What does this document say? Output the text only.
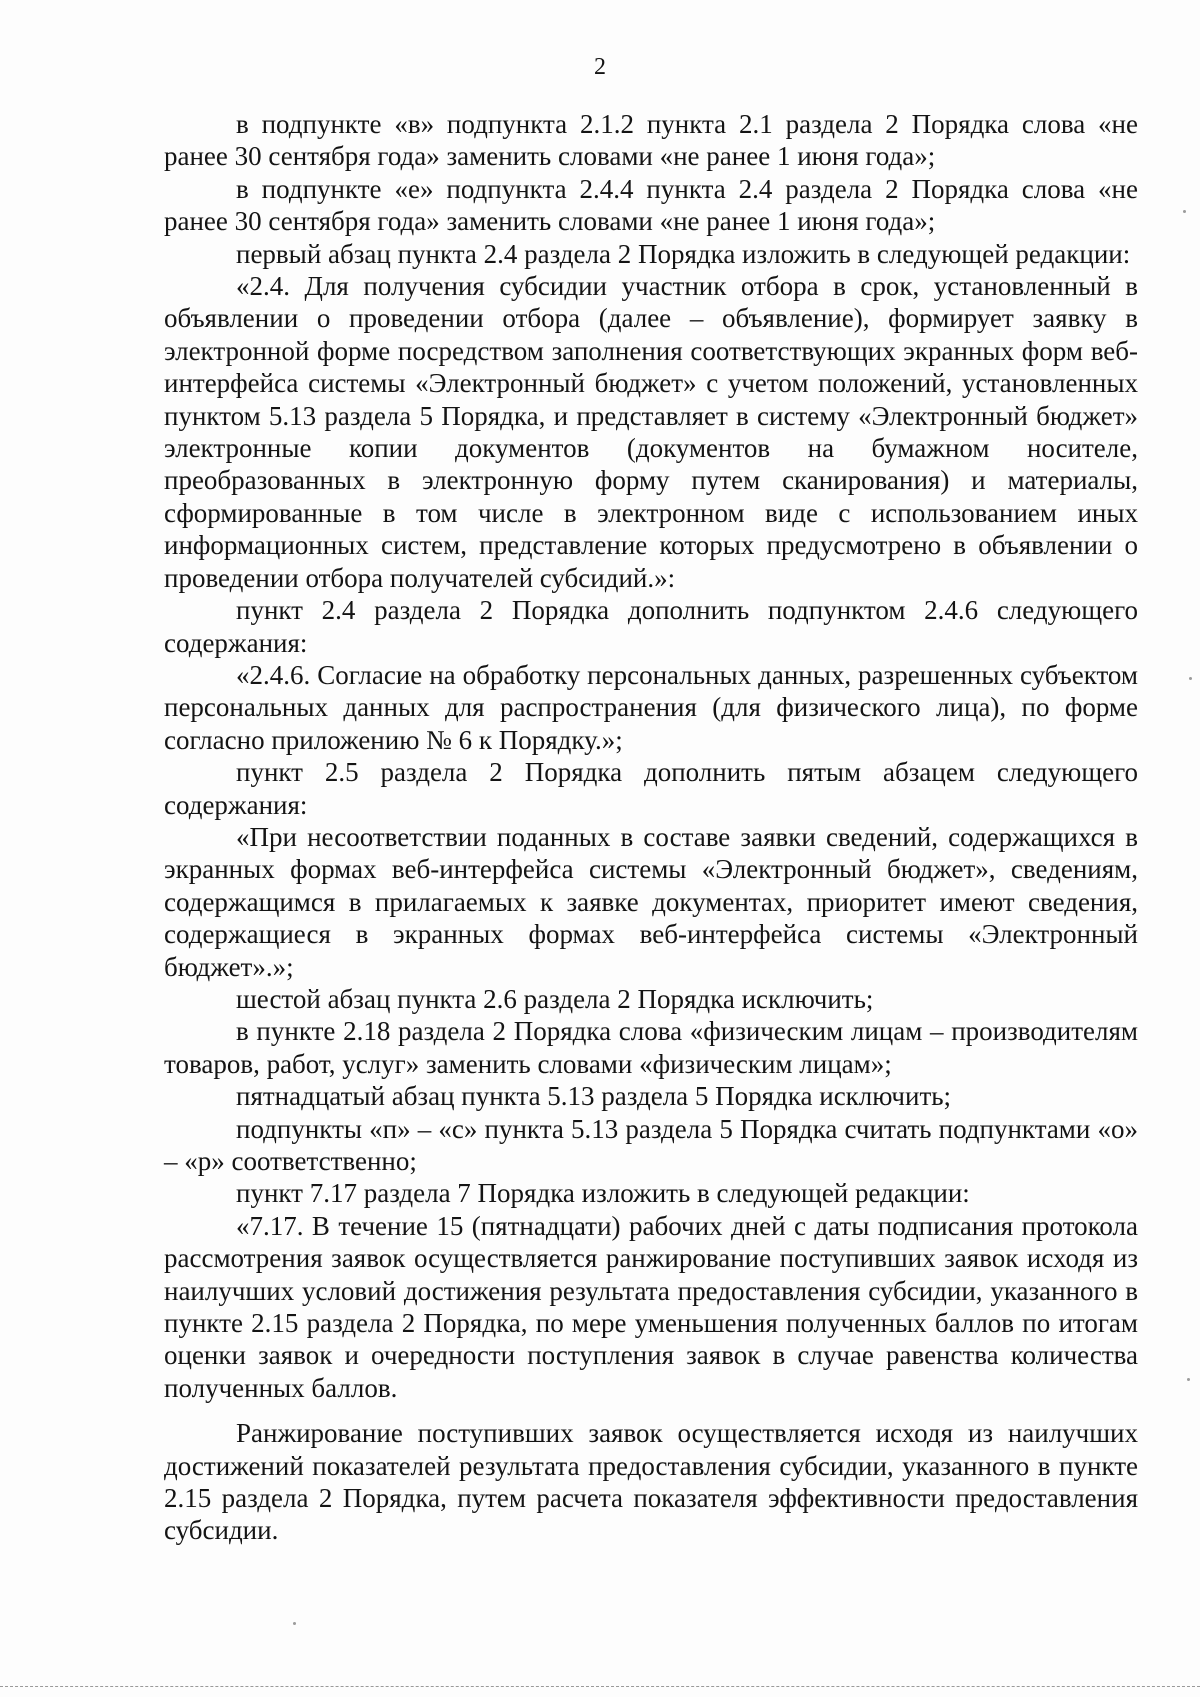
2

в подпункте «в» подпункта 2.1.2 пункта 2.1 раздела 2 Порядка слова «не ранее 30 сентября года» заменить словами «не ранее 1 июня года»;

в подпункте «е» подпункта 2.4.4 пункта 2.4 раздела 2 Порядка слова «не ранее 30 сентября года» заменить словами «не ранее 1 июня года»;

первый абзац пункта 2.4 раздела 2 Порядка изложить в следующей редакции:

«2.4. Для получения субсидии участник отбора в срок, установленный в объявлении о проведении отбора (далее – объявление), формирует заявку в электронной форме посредством заполнения соответствующих экранных форм веб-интерфейса системы «Электронный бюджет» с учетом положений, установленных пунктом 5.13 раздела 5 Порядка, и представляет в систему «Электронный бюджет» электронные копии документов (документов на бумажном носителе, преобразованных в электронную форму путем сканирования) и материалы, сформированные в том числе в электронном виде с использованием иных информационных систем, представление которых предусмотрено в объявлении о проведении отбора получателей субсидий.»:

пункт 2.4 раздела 2 Порядка дополнить подпунктом 2.4.6 следующего содержания:

«2.4.6. Согласие на обработку персональных данных, разрешенных субъектом персональных данных для распространения (для физического лица), по форме согласно приложению № 6 к Порядку.»;

пункт 2.5 раздела 2 Порядка дополнить пятым абзацем следующего содержания:

«При несоответствии поданных в составе заявки сведений, содержащихся в экранных формах веб-интерфейса системы «Электронный бюджет», сведениям, содержащимся в прилагаемых к заявке документах, приоритет имеют сведения, содержащиеся в экранных формах веб-интерфейса системы «Электронный бюджет».»;

шестой абзац пункта 2.6 раздела 2 Порядка исключить;

в пункте 2.18 раздела 2 Порядка слова «физическим лицам – производителям товаров, работ, услуг» заменить словами «физическим лицам»;

пятнадцатый абзац пункта 5.13 раздела 5 Порядка исключить;

подпункты «п» – «с» пункта 5.13 раздела 5 Порядка считать подпунктами «о» – «р» соответственно;

пункт 7.17 раздела 7 Порядка изложить в следующей редакции:

«7.17. В течение 15 (пятнадцати) рабочих дней с даты подписания протокола рассмотрения заявок осуществляется ранжирование поступивших заявок исходя из наилучших условий достижения результата предоставления субсидии, указанного в пункте 2.15 раздела 2 Порядка, по мере уменьшения полученных баллов по итогам оценки заявок и очередности поступления заявок в случае равенства количества полученных баллов.

Ранжирование поступивших заявок осуществляется исходя из наилучших достижений показателей результата предоставления субсидии, указанного в пункте 2.15 раздела 2 Порядка, путем расчета показателя эффективности предоставления субсидии.
